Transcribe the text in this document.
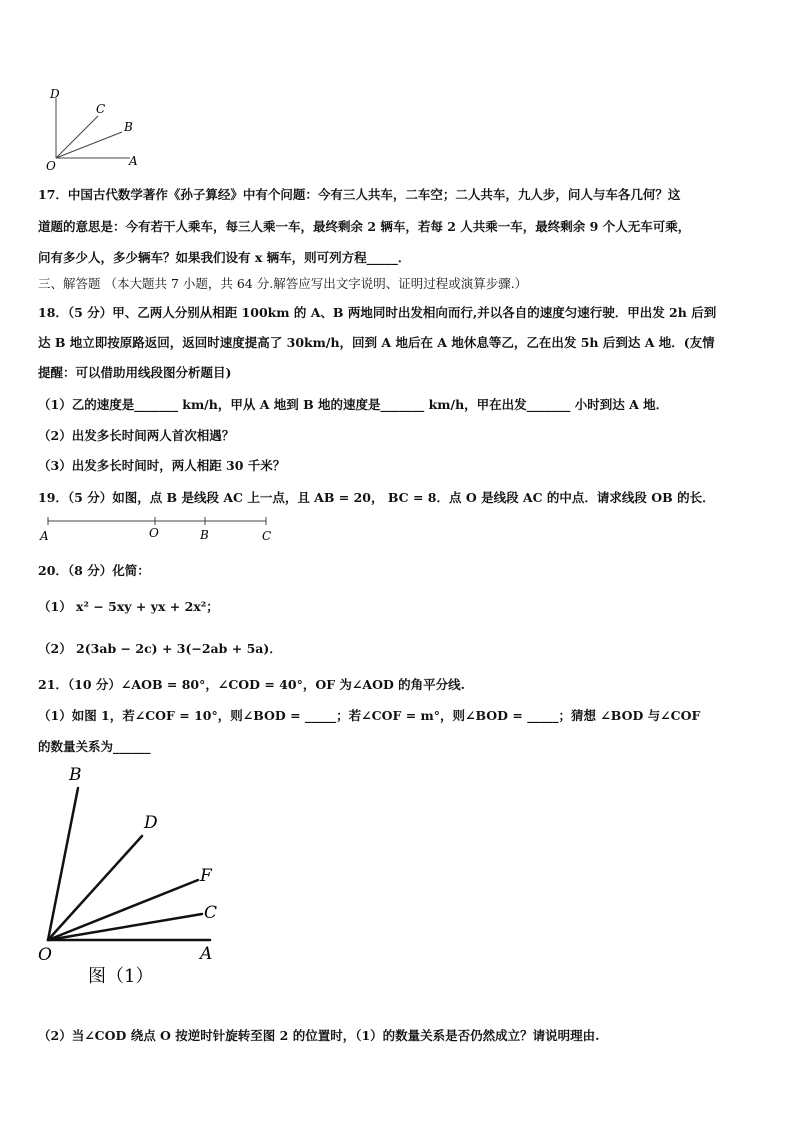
D
C
B
O	A
17．中国古代数学著作《孙子算经》中有个问题：今有三人共车，二车空；二人共车，九人步，问人与车各几何？这
道题的意思是：今有若干人乘车，每三人乘一车，最终剩余 2 辆车，若每 2 人共乘一车，最终剩余 9 个人无车可乘，
问有多少人，多少辆车？如果我们设有 x 辆车，则可列方程_____．
三、解答题 （本大题共 7 小题，共 64 分.解答应写出文字说明、证明过程或演算步骤.）
18．（5 分）甲、乙两人分别从相距 100km 的 A、B 两地同时出发相向而行,并以各自的速度匀速行驶．甲出发 2h 后到
达 B 地立即按原路返回，返回时速度提高了 30km/h，回到 A 地后在 A 地休息等乙，乙在出发 5h 后到达 A 地．(友情
提醒：可以借助用线段图分析题目)
（1）乙的速度是_______ km/h，甲从 A 地到 B 地的速度是_______ km/h，甲在出发_______ 小时到达 A 地．
（2）出发多长时间两人首次相遇？
（3）出发多长时间时，两人相距 30 千米？
19．（5 分）如图，点 B 是线段 AC 上一点，且 AB = 20， BC = 8．点 O 是线段 AC 的中点．请求线段 OB 的长．
A	O	B	C
20．（8 分）化简：
（1） x² − 5xy + yx + 2x²；
（2） 2(3ab − 2c) + 3(−2ab + 5a)．
21．（10 分）∠AOB = 80°，∠COD = 40°，OF 为∠AOD 的角平分线.
（1）如图 1，若∠COF = 10°，则∠BOD = _____；若∠COF = m°，则∠BOD = _____；猜想 ∠BOD 与∠COF
的数量关系为______
B
D
F
C
O	A
图（1）
（2）当∠COD 绕点 O 按逆时针旋转至图 2 的位置时，（1）的数量关系是否仍然成立？请说明理由.
